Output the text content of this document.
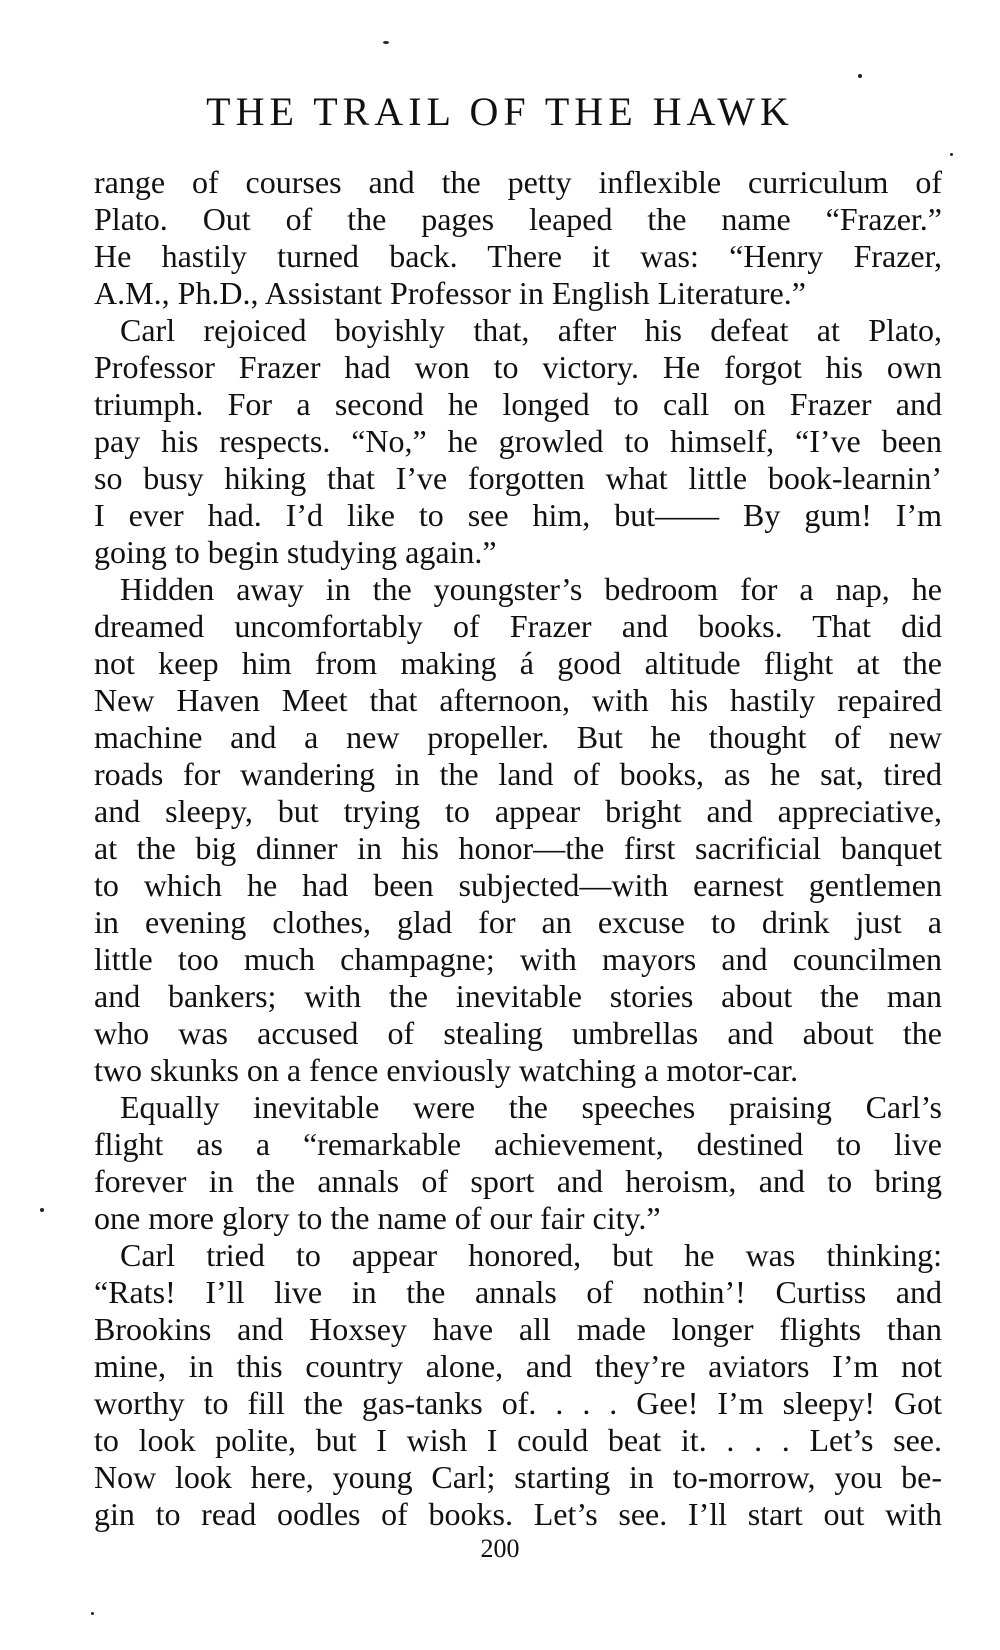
THE TRAIL OF THE HAWK
range of courses and the petty inflexible curriculum of
Plato. Out of the pages leaped the name “Frazer.”
He hastily turned back. There it was: “Henry Frazer,
A.M., Ph.D., Assistant Professor in English Literature.”
Carl rejoiced boyishly that, after his defeat at Plato,
Professor Frazer had won to victory. He forgot his own
triumph. For a second he longed to call on Frazer and
pay his respects. “No,” he growled to himself, “I’ve been
so busy hiking that I’ve forgotten what little book-learnin’
I ever had. I’d like to see him, but—— By gum! I’m
going to begin studying again.”
Hidden away in the youngster’s bedroom for a nap, he
dreamed uncomfortably of Frazer and books. That did
not keep him from making á good altitude flight at the
New Haven Meet that afternoon, with his hastily repaired
machine and a new propeller. But he thought of new
roads for wandering in the land of books, as he sat, tired
and sleepy, but trying to appear bright and appreciative,
at the big dinner in his honor—the first sacrificial banquet
to which he had been subjected—with earnest gentlemen
in evening clothes, glad for an excuse to drink just a
little too much champagne; with mayors and councilmen
and bankers; with the inevitable stories about the man
who was accused of stealing umbrellas and about the
two skunks on a fence enviously watching a motor-car.
Equally inevitable were the speeches praising Carl’s
flight as a “remarkable achievement, destined to live
forever in the annals of sport and heroism, and to bring
one more glory to the name of our fair city.”
Carl tried to appear honored, but he was thinking:
“Rats! I’ll live in the annals of nothin’! Curtiss and
Brookins and Hoxsey have all made longer flights than
mine, in this country alone, and they’re aviators I’m not
worthy to fill the gas-tanks of. . . . Gee! I’m sleepy! Got
to look polite, but I wish I could beat it. . . . Let’s see.
Now look here, young Carl; starting in to-morrow, you be-
gin to read oodles of books. Let’s see. I’ll start out with
200
